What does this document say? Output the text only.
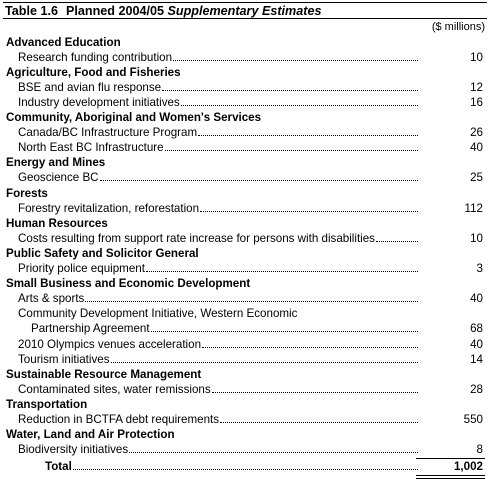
Table 1.6 Planned 2004/05 Supplementary Estimates
($ millions)
Advanced Education
Research funding contribution	10
Agriculture, Food and Fisheries
BSE and avian flu response	12
Industry development initiatives	16
Community, Aboriginal and Women's Services
Canada/BC Infrastructure Program	26
North East BC Infrastructure	40
Energy and Mines
Geoscience BC	25
Forests
Forestry revitalization, reforestation	112
Human Resources
Costs resulting from support rate increase for persons with disabilities	10
Public Safety and Solicitor General
Priority police equipment	3
Small Business and Economic Development
Arts & sports	40
Community Development Initiative, Western Economic
Partnership Agreement	68
2010 Olympics venues acceleration	40
Tourism initiatives	14
Sustainable Resource Management
Contaminated sites, water remissions	28
Transportation
Reduction in BCTFA debt requirements	550
Water, Land and Air Protection
Biodiversity initiatives	8
Total	1,002
